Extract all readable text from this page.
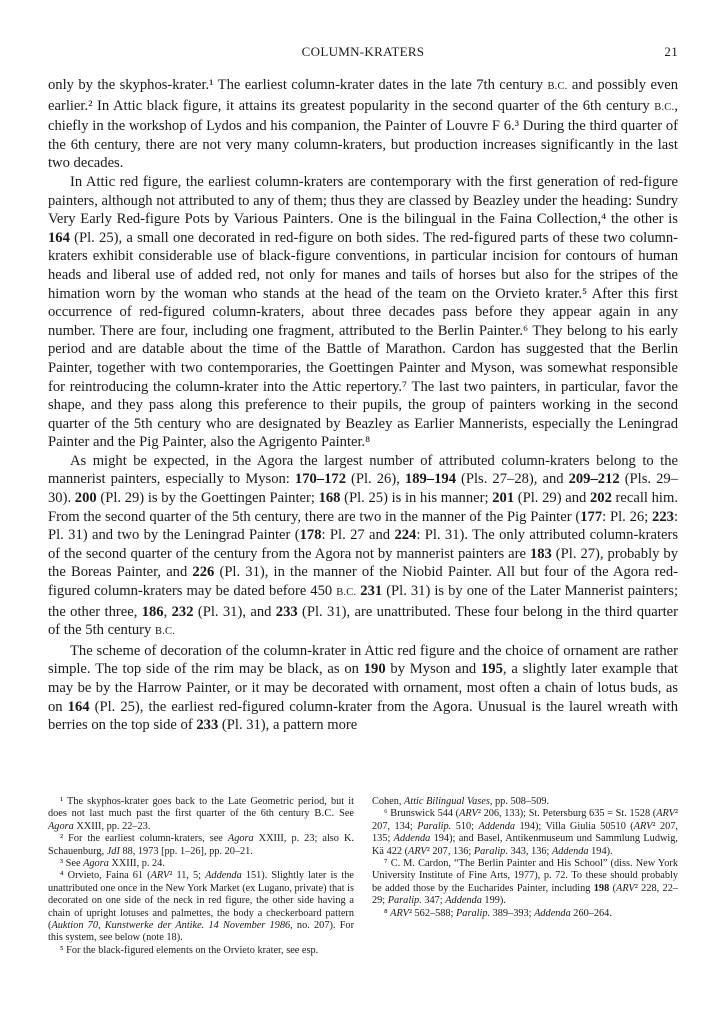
COLUMN-KRATERS	21

only by the skyphos-krater.¹ The earliest column-krater dates in the late 7th century B.C. and possibly even earlier.² In Attic black figure, it attains its greatest popularity in the second quarter of the 6th century B.C., chiefly in the workshop of Lydos and his companion, the Painter of Louvre F 6.³ During the third quarter of the 6th century, there are not very many column-kraters, but production increases significantly in the last two decades.

In Attic red figure, the earliest column-kraters are contemporary with the first generation of red-figure painters, although not attributed to any of them; thus they are classed by Beazley under the heading: Sundry Very Early Red-figure Pots by Various Painters. One is the bilingual in the Faina Collection,⁴ the other is 164 (Pl. 25), a small one decorated in red-figure on both sides. The red-figured parts of these two column-kraters exhibit considerable use of black-figure conventions, in particular incision for contours of human heads and liberal use of added red, not only for manes and tails of horses but also for the stripes of the himation worn by the woman who stands at the head of the team on the Orvieto krater.⁵ After this first occurrence of red-figured column-kraters, about three decades pass before they appear again in any number. There are four, including one fragment, attributed to the Berlin Painter.⁶ They belong to his early period and are datable about the time of the Battle of Marathon. Cardon has suggested that the Berlin Painter, together with two contemporaries, the Goettingen Painter and Myson, was somewhat responsible for reintroducing the column-krater into the Attic repertory.⁷ The last two painters, in particular, favor the shape, and they pass along this preference to their pupils, the group of painters working in the second quarter of the 5th century who are designated by Beazley as Earlier Mannerists, especially the Leningrad Painter and the Pig Painter, also the Agrigento Painter.⁸

As might be expected, in the Agora the largest number of attributed column-kraters belong to the mannerist painters, especially to Myson: 170–172 (Pl. 26), 189–194 (Pls. 27–28), and 209–212 (Pls. 29–30). 200 (Pl. 29) is by the Goettingen Painter; 168 (Pl. 25) is in his manner; 201 (Pl. 29) and 202 recall him. From the second quarter of the 5th century, there are two in the manner of the Pig Painter (177: Pl. 26; 223: Pl. 31) and two by the Leningrad Painter (178: Pl. 27 and 224: Pl. 31). The only attributed column-kraters of the second quarter of the century from the Agora not by mannerist painters are 183 (Pl. 27), probably by the Boreas Painter, and 226 (Pl. 31), in the manner of the Niobid Painter. All but four of the Agora red-figured column-kraters may be dated before 450 B.C. 231 (Pl. 31) is by one of the Later Mannerist painters; the other three, 186, 232 (Pl. 31), and 233 (Pl. 31), are unattributed. These four belong in the third quarter of the 5th century B.C.

The scheme of decoration of the column-krater in Attic red figure and the choice of ornament are rather simple. The top side of the rim may be black, as on 190 by Myson and 195, a slightly later example that may be by the Harrow Painter, or it may be decorated with ornament, most often a chain of lotus buds, as on 164 (Pl. 25), the earliest red-figured column-krater from the Agora. Unusual is the laurel wreath with berries on the top side of 233 (Pl. 31), a pattern more

¹ The skyphos-krater goes back to the Late Geometric period, but it does not last much past the first quarter of the 6th century B.C. See Agora XXIII, pp. 22–23.

² For the earliest column-kraters, see Agora XXIII, p. 23; also K. Schauenburg, JdI 88, 1973 [pp. 1–26], pp. 20–21.

³ See Agora XXIII, p. 24.

⁴ Orvieto, Faina 61 (ARV² 11, 5; Addenda 151). Slightly later is the unattributed one once in the New York Market (ex Lugano, private) that is decorated on one side of the neck in red figure, the other side having a chain of upright lotuses and palmettes, the body a checkerboard pattern (Auktion 70, Kunstwerke der Antike. 14 November 1986, no. 207). For this system, see below (note 18).

⁵ For the black-figured elements on the Orvieto krater, see esp.

Cohen, Attic Bilingual Vases, pp. 508–509.

⁶ Brunswick 544 (ARV² 206, 133); St. Petersburg 635 = St. 1528 (ARV² 207, 134; Paralip. 510; Addenda 194); Villa Giulia 50510 (ARV² 207, 135; Addenda 194); and Basel, Antikenmuseum und Sammlung Ludwig, Kä 422 (ARV² 207, 136; Paralip. 343, 136; Addenda 194).

⁷ C. M. Cardon, “The Berlin Painter and His School” (diss. New York University Institute of Fine Arts, 1977), p. 72. To these should probably be added those by the Eucharides Painter, including 198 (ARV² 228, 22–29; Paralip. 347; Addenda 199).

⁸ ARV² 562–588; Paralip. 389–393; Addenda 260–264.
